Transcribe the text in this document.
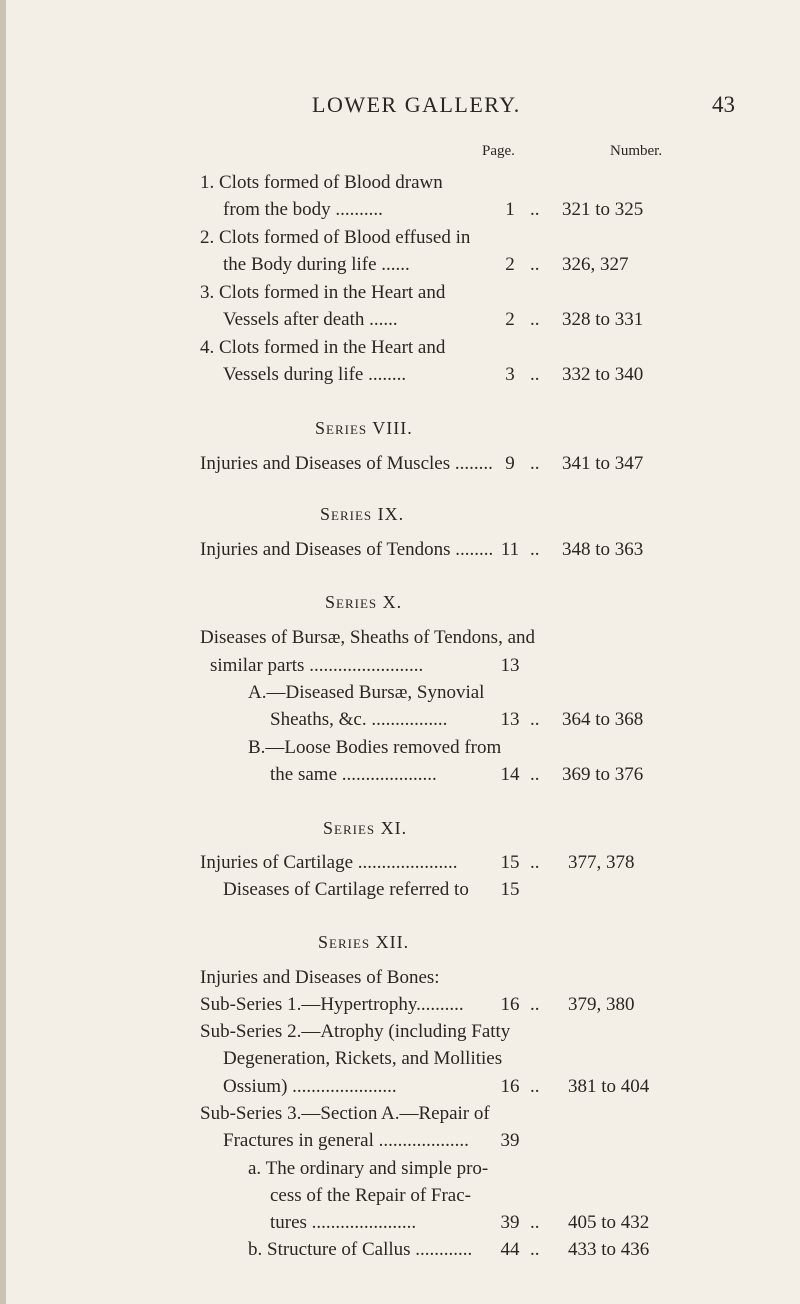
LOWER GALLERY.	43
Page.	Number.
1. Clots formed of Blood drawn
from the body ..........	1 .. 321 to 325
2. Clots formed of Blood effused in
the Body during life ......	2 .. 326, 327
3. Clots formed in the Heart and
Vessels after death ......	2 .. 328 to 331
4. Clots formed in the Heart and
Vessels during life ........	3 .. 332 to 340
Series VIII.
Injuries and Diseases of Muscles ........ 9 .. 341 to 347
Series IX.
Injuries and Diseases of Tendons ........ 11 .. 348 to 363
Series X.
Diseases of Bursæ, Sheaths of Tendons, and
similar parts ........................	13
A.—Diseased Bursæ, Synovial
Sheaths, &c. ................	13 .. 364 to 368
B.—Loose Bodies removed from
the same ....................	14 .. 369 to 376
Series XI.
Injuries of Cartilage ..................... 15 .. 377, 378
Diseases of Cartilage referred to 15
Series XII.
Injuries and Diseases of Bones:
Sub-Series 1.—Hypertrophy.......... 16 .. 379, 380
Sub-Series 2.—Atrophy (including Fatty
Degeneration, Rickets, and Mollities
Ossium) ......................	16 .. 381 to 404
Sub-Series 3.—Section A.—Repair of
Fractures in general ................... 39
a. The ordinary and simple pro-
cess of the Repair of Frac-
tures ......................	39 .. 405 to 432
b. Structure of Callus ............ 44 .. 433 to 436
